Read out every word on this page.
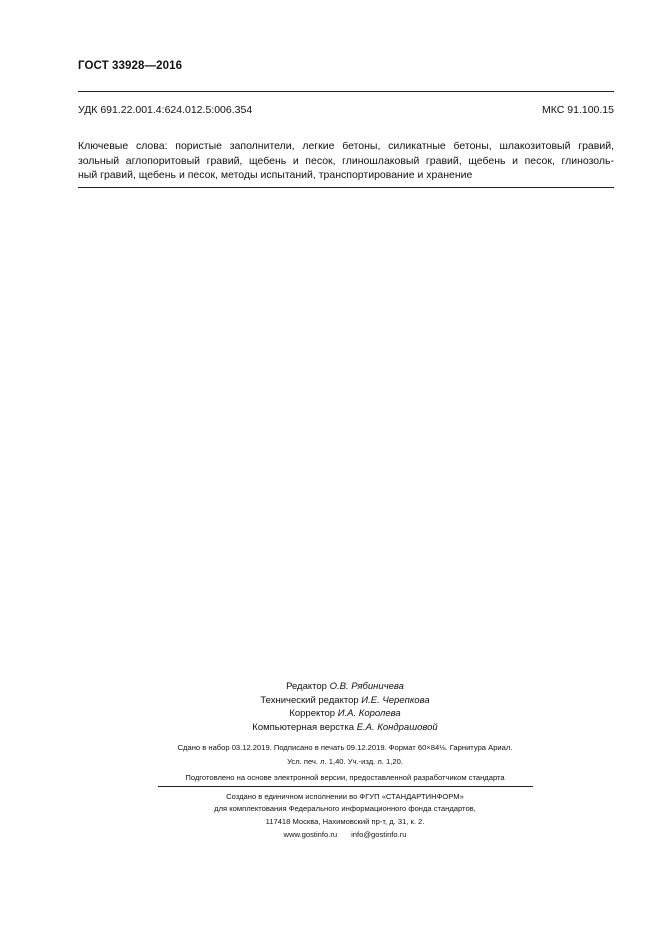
ГОСТ 33928—2016
УДК 691.22.001.4:624.012.5:006.354	МКС 91.100.15
Ключевые слова: пористые заполнители, легкие бетоны, силикатные бетоны, шлакозитовый гравий,
зольный аглопоритовый гравий, щебень и песок, глиношлаковый гравий, щебень и песок, глинозоль-
ный гравий, щебень и песок, методы испытаний, транспортирование и хранение
Редактор О.В. Рябиничева
Технический редактор И.Е. Черепкова
Корректор И.А. Королева
Компьютерная верстка Е.А. Кондрашовой
Сдано в набор 03.12.2019. Подписано в печать 09.12.2019. Формат 60×84⅛. Гарнитура Ариал.
Усл. печ. л. 1,40. Уч.-изд. л. 1,20.
Подготовлено на основе электронной версии, предоставленной разработчиком стандарта
Создано в единичном исполнении во ФГУП «СТАНДАРТИНФОРМ»
для комплектования Федерального информационного фонда стандартов,
117418 Москва, Нахимовский пр-т, д. 31, к. 2.
www.gostinfo.ru info@gostinfo.ru
